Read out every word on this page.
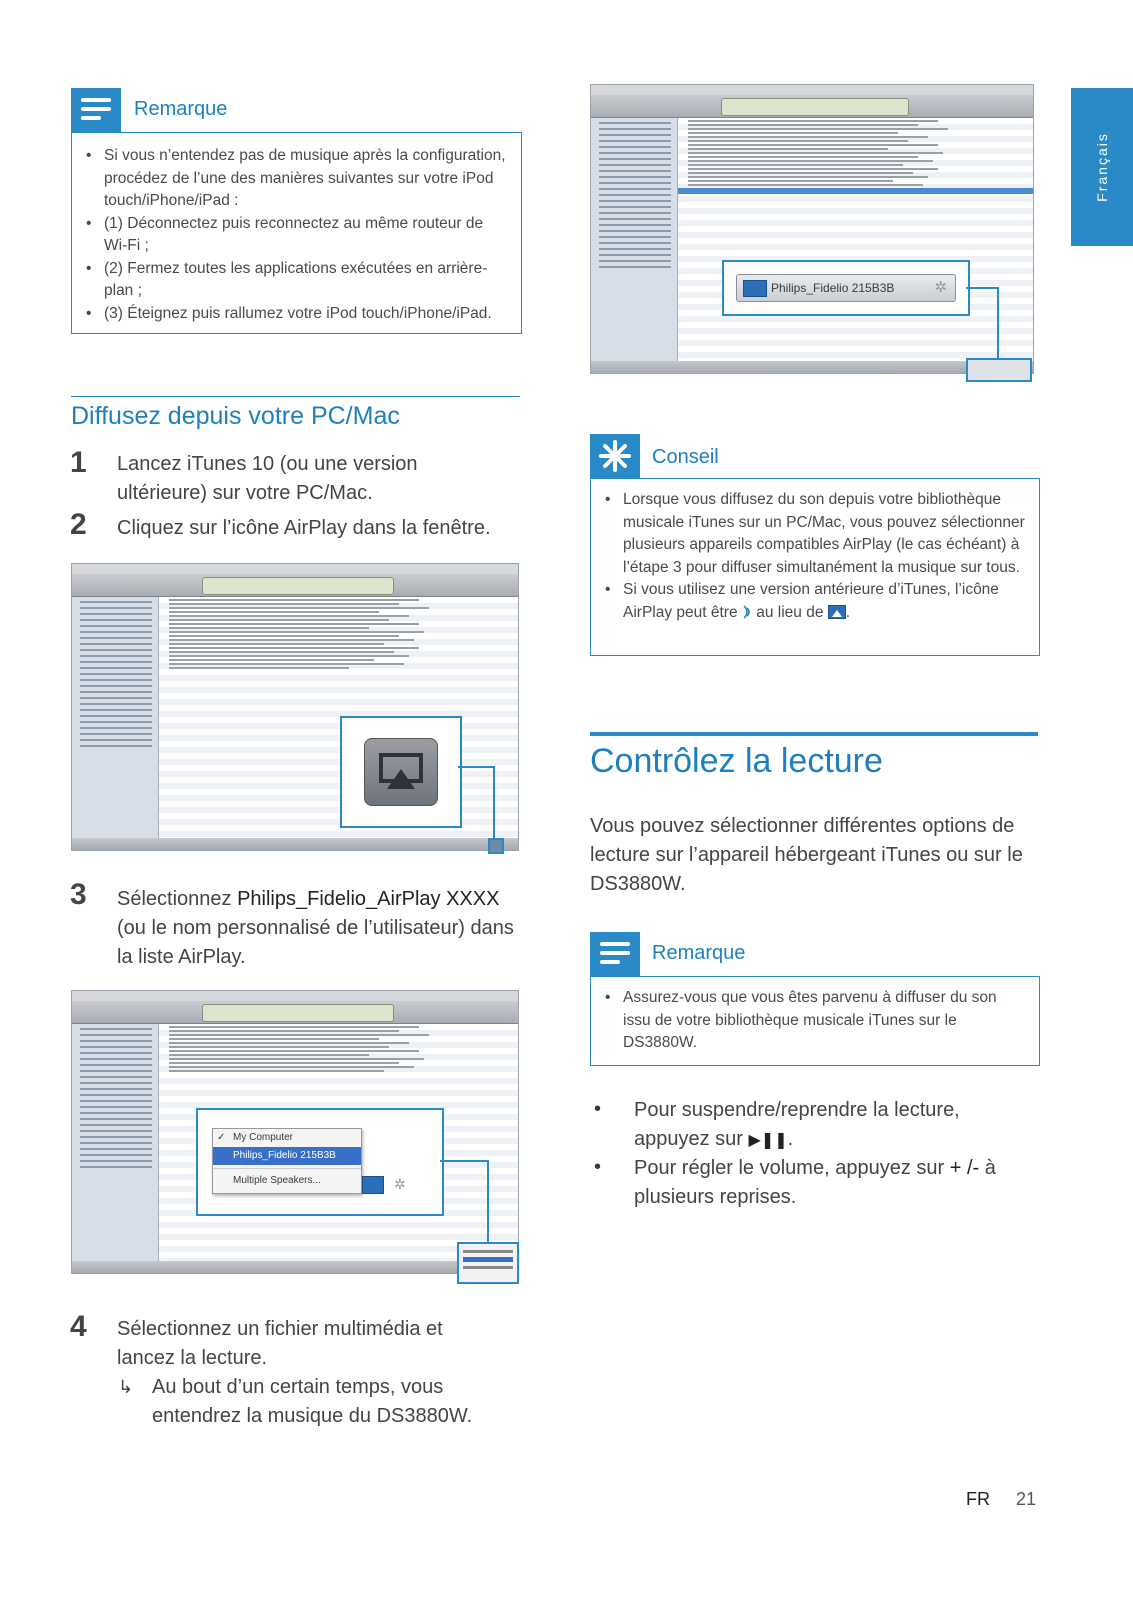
Français
Remarque
• Si vous n’entendez pas de musique après la configuration, procédez de l’une des manières suivantes sur votre iPod touch/iPhone/iPad :
• (1) Déconnectez puis reconnectez au même routeur de Wi-Fi ;
• (2) Fermez toutes les applications exécutées en arrière-plan ;
• (3) Éteignez puis rallumez votre iPod touch/iPhone/iPad.
Diffusez depuis votre PC/Mac
1 Lancez iTunes 10 (ou une version ultérieure) sur votre PC/Mac.
2 Cliquez sur l’icône AirPlay dans la fenêtre.
3 Sélectionnez Philips_Fidelio_AirPlay XXXX (ou le nom personnalisé de l’utilisateur) dans la liste AirPlay.
✓ My Computer
Philips_Fidelio 215B3B
Multiple Speakers...	✲
4 Sélectionnez un fichier multimédia et lancez la lecture.
↳ Au bout d’un certain temps, vous entendrez la musique du DS3880W.
Philips_Fidelio 215B3B	✲
Conseil
• Lorsque vous diffusez du son depuis votre bibliothèque musicale iTunes sur un PC/Mac, vous pouvez sélectionner plusieurs appareils compatibles AirPlay (le cas échéant) à l’étape 3 pour diffuser simultanément la musique sur tous.
• Si vous utilisez une version antérieure d’iTunes, l’icône AirPlay peut être au lieu de .
Contrôlez la lecture
Vous pouvez sélectionner différentes options de lecture sur l’appareil hébergeant iTunes ou sur le DS3880W.
Remarque
• Assurez-vous que vous êtes parvenu à diffuser du son issu de votre bibliothèque musicale iTunes sur le DS3880W.
• Pour suspendre/reprendre la lecture, appuyez sur ▶❚❚.
• Pour régler le volume, appuyez sur + /- à plusieurs reprises.
FR 21
